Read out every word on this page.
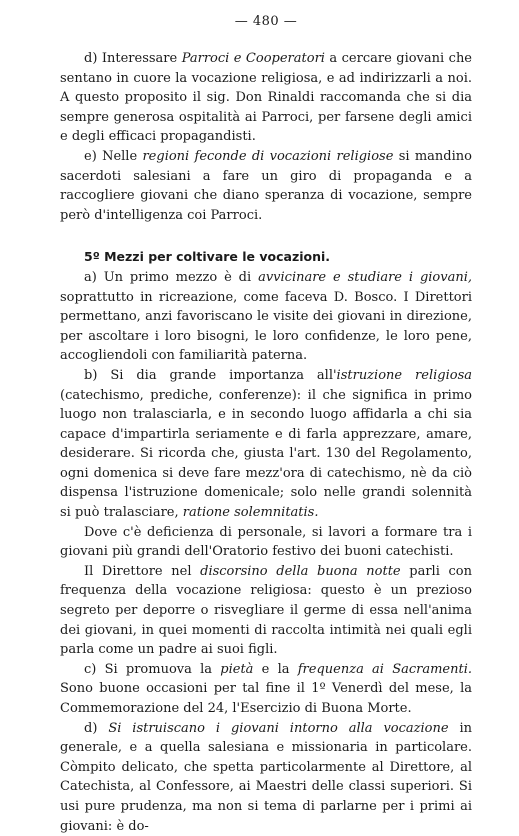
— 480 —

d) Interessare Parroci e Cooperatori a cercare giovani che sentano in cuore la vocazione religiosa, e ad indirizzarli a noi. A questo proposito il sig. Don Rinaldi raccomanda che si dia sempre generosa ospitalità ai Parroci, per farsene degli amici e degli efficaci propagandisti.

e) Nelle regioni feconde di vocazioni religiose si mandino sacerdoti salesiani a fare un giro di propaganda e a raccogliere giovani che diano speranza di vocazione, sempre però d'intelligenza coi Parroci.

5º Mezzi per coltivare le vocazioni.

a) Un primo mezzo è di avvicinare e studiare i giovani, soprattutto in ricreazione, come faceva D. Bosco. I Direttori permettano, anzi favoriscano le visite dei giovani in direzione, per ascoltare i loro bisogni, le loro confidenze, le loro pene, accogliendoli con familiarità paterna.

b) Si dia grande importanza all'istruzione religiosa (catechismo, prediche, conferenze): il che significa in primo luogo non tralasciarla, e in secondo luogo affidarla a chi sia capace d'impartirla seriamente e di farla apprezzare, amare, desiderare. Si ricorda che, giusta l'art. 130 del Regolamento, ogni domenica si deve fare mezz'ora di catechismo, nè da ciò dispensa l'istruzione domenicale; solo nelle grandi solennità si può tralasciare, ratione solemnitatis.

Dove c'è deficienza di personale, si lavori a formare tra i giovani più grandi dell'Oratorio festivo dei buoni catechisti.

Il Direttore nel discorsino della buona notte parli con frequenza della vocazione religiosa: questo è un prezioso segreto per deporre o risvegliare il germe di essa nell'anima dei giovani, in quei momenti di raccolta intimità nei quali egli parla come un padre ai suoi figli.

c) Si promuova la pietà e la frequenza ai Sacramenti. Sono buone occasioni per tal fine il 1º Venerdì del mese, la Commemorazione del 24, l'Esercizio di Buona Morte.

d) Si istruiscano i giovani intorno alla vocazione in generale, e a quella salesiana e missionaria in particolare. Còmpito delicato, che spetta particolarmente al Direttore, al Catechista, al Confessore, ai Maestri delle classi superiori. Si usi pure prudenza, ma non si tema di parlarne per i primi ai giovani: è do-
